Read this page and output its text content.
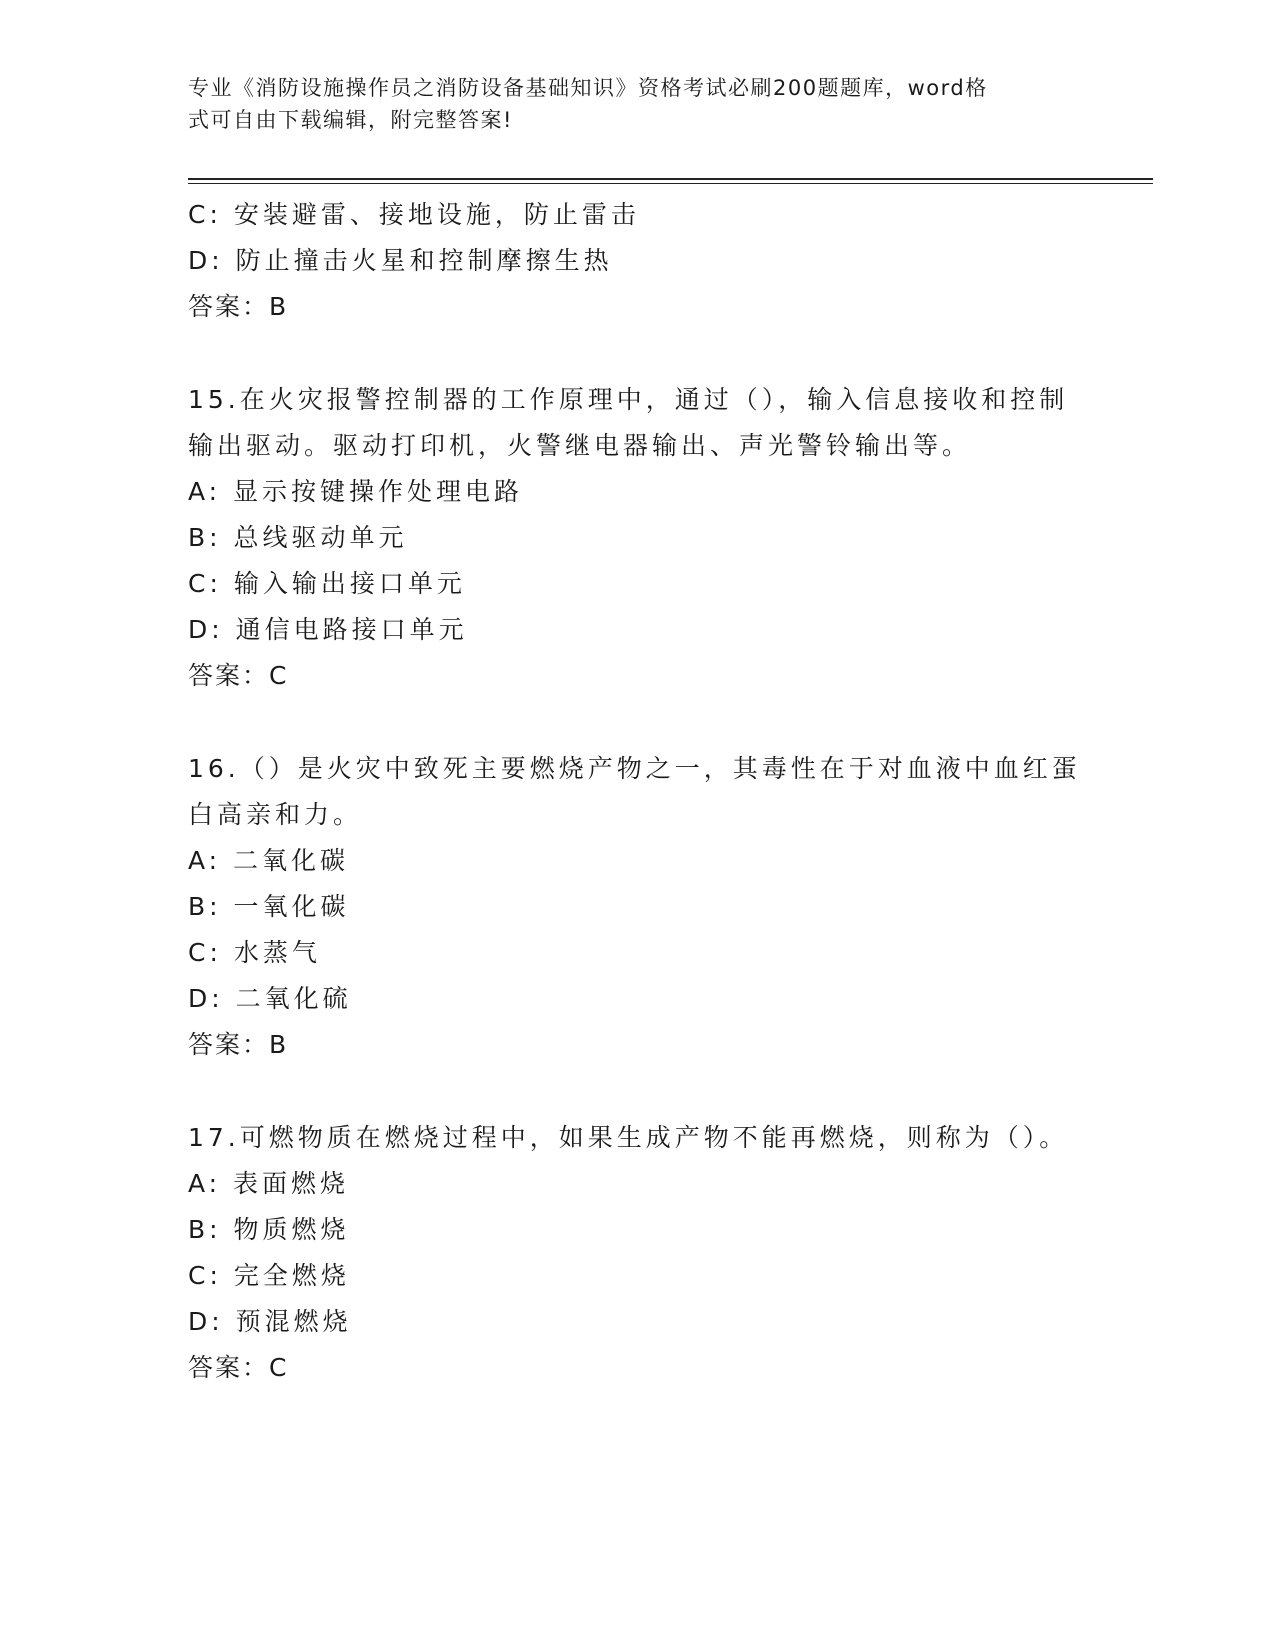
专业《消防设施操作员之消防设备基础知识》资格考试必刷200题题库，word格
式可自由下载编辑，附完整答案!
C: 安装避雷、接地设施，防止雷击
D: 防止撞击火星和控制摩擦生热
答案：B
15.在火灾报警控制器的工作原理中，通过（），输入信息接收和控制
输出驱动。驱动打印机，火警继电器输出、声光警铃输出等。
A: 显示按键操作处理电路
B: 总线驱动单元
C: 输入输出接口单元
D: 通信电路接口单元
答案：C
16.（）是火灾中致死主要燃烧产物之一，其毒性在于对血液中血红蛋
白高亲和力。
A: 二氧化碳
B: 一氧化碳
C: 水蒸气
D: 二氧化硫
答案：B
17.可燃物质在燃烧过程中，如果生成产物不能再燃烧，则称为（）。
A: 表面燃烧
B: 物质燃烧
C: 完全燃烧
D: 预混燃烧
答案：C
